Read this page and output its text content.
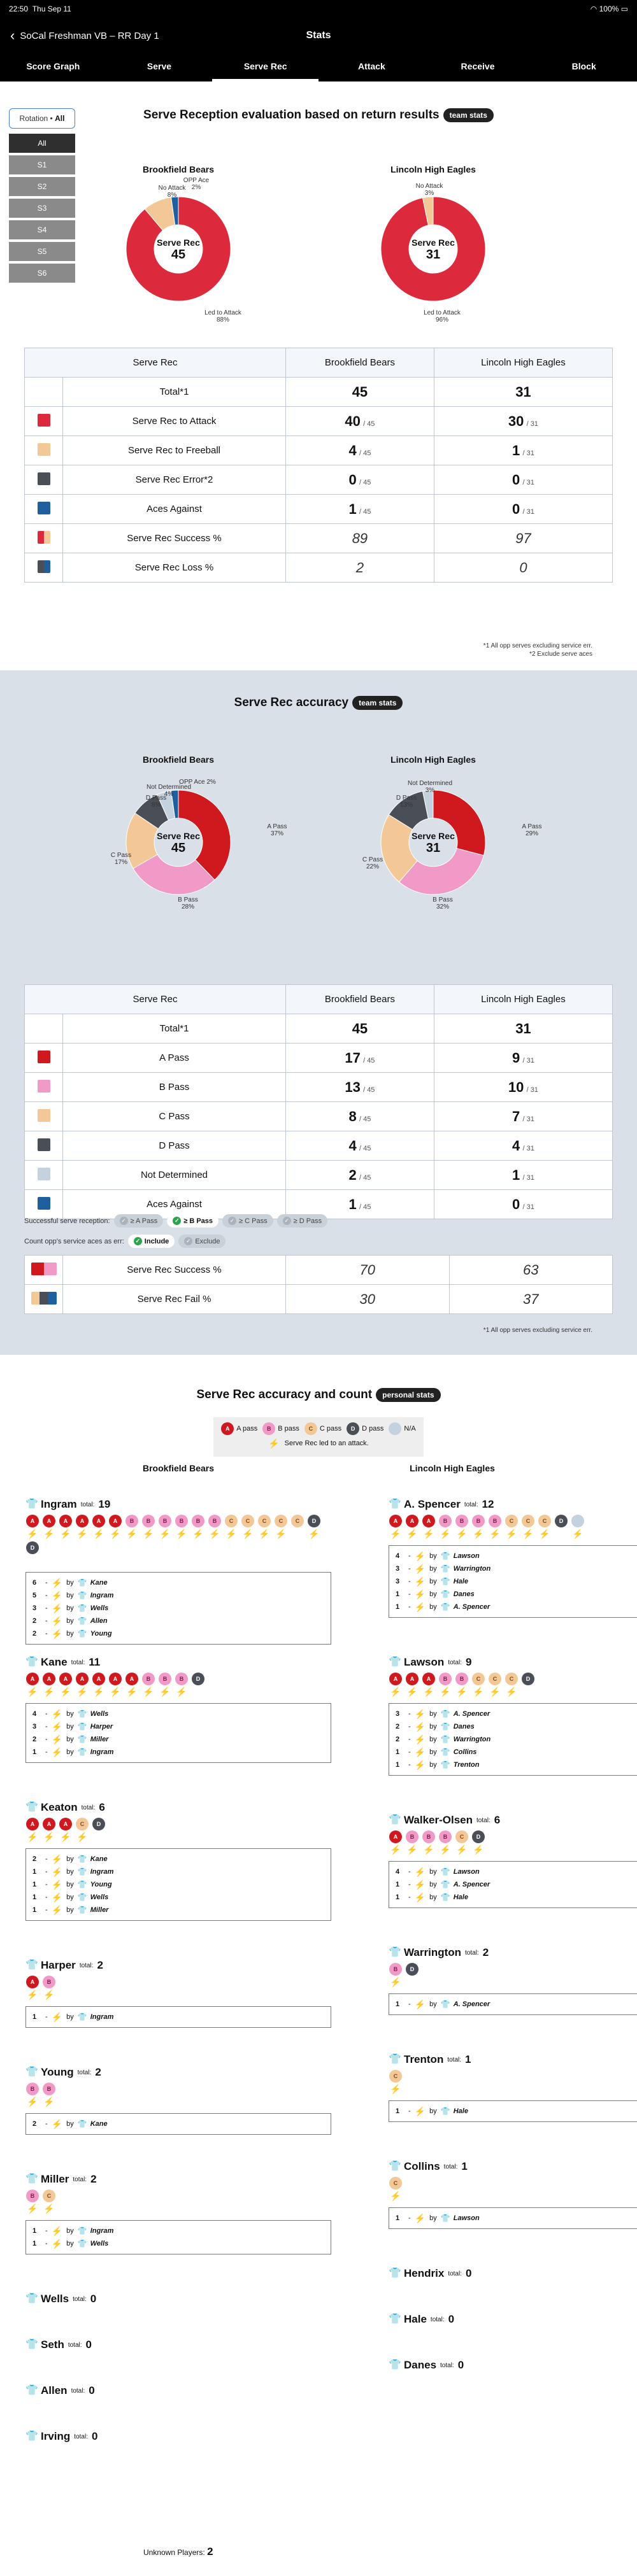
22:50
Thu Sep 11	◠
100% ▭
‹ SoCal Freshman VB – RR Day 1	Stats
Score Graph	Serve	Serve Rec	Attack	Receive	Block
Rotation • All
All
S1
S2
S3
S4
S5
S6
Serve Reception evaluation based on return results team stats
Brookfield Bears	Lincoln High Eagles
Serve Rec
45
Serve Rec
31
OPP Ace
2%
No Attack
8%
Led to Attack
88%
No Attack
3%
Led to Attack
96%
Serve Rec		Brookfield Bears	Lincoln High Eagles
	Total*1	45	31
	Serve Rec to Attack	40 / 45	30 / 31
	Serve Rec to Freeball	4 / 45	1 / 31
	Serve Rec Error*2	0 / 45	0 / 31
	Aces Against	1 / 45	0 / 31
	Serve Rec Success %	89	97
	Serve Rec Loss %	2	0
*1 All opp serves excluding service err.
*2 Exclude serve aces
Serve Rec accuracy team stats
Brookfield Bears	Lincoln High Eagles
Serve Rec
45
Serve Rec
31
A Pass
37%
B Pass
28%
C Pass
17%
D Pass
8%
Not Determined 4%
OPP Ace 2%
A Pass
29%
B Pass
32%
C Pass
22%
D Pass
13%
Not Determined
3%
Serve Rec		Brookfield Bears	Lincoln High Eagles
	Total*1	45	31
	A Pass	17 / 45	9 / 31
	B Pass	13 / 45	10 / 31
	C Pass	8 / 45	7 / 31
	D Pass	4 / 45	4 / 31
	Not Determined	2 / 45	1 / 31
	Aces Against	1 / 45	0 / 31
Successful serve reception:	✓ ≥ A Pass	✓ ≥ B Pass	✓ ≥ C Pass	✓ ≥ D Pass
Count opp's service aces as err:	✓ Include	✓ Exclude
	Serve Rec Success %	70	63
	Serve Rec Fail %	30	37
*1 All opp serves excluding service err.
Serve Rec accuracy and count personal stats
A A pass	B B pass	C C pass	D D pass	N/A
⚡ Serve Rec led to an attack.
Brookfield Bears	Lincoln High Eagles
👕 Ingram total: 19
A
⚡
A
⚡
A
⚡
A
⚡
A
⚡
A
⚡
B
⚡
B
⚡
B
⚡
B
⚡
B
⚡
B
⚡
C
⚡
C
⚡
C
⚡
C
⚡
C	D
⚡
D
6	- ⚡ by 👕 Kane
5	- ⚡ by 👕 Ingram
3	- ⚡ by 👕 Wells
2	- ⚡ by 👕 Allen
2	- ⚡ by 👕 Young
👕 Kane total: 11
A
⚡
A
⚡
A
⚡
A
⚡
A
⚡
A
⚡
A
⚡
B
⚡
B
⚡
B
⚡
D
4	- ⚡ by 👕 Wells
3	- ⚡ by 👕 Harper
2	- ⚡ by 👕 Miller
1	- ⚡ by 👕 Ingram
👕 Keaton total: 6
A
⚡
A
⚡
A
⚡
C
⚡
D
2	- ⚡ by 👕 Kane
1	- ⚡ by 👕 Ingram
1	- ⚡ by 👕 Young
1	- ⚡ by 👕 Wells
1	- ⚡ by 👕 Miller
👕 Harper total: 2
A
⚡
B
⚡
1	- ⚡ by 👕 Ingram
👕 Young total: 2
B
⚡
B
⚡
2	- ⚡ by 👕 Kane
👕 Miller total: 2
B
⚡
C
⚡
1	- ⚡ by 👕 Ingram
1	- ⚡ by 👕 Wells
👕 Wells total: 0
👕 Seth total: 0
👕 Allen total: 0
👕 Irving total: 0
👕 A. Spencer total: 12
A
⚡
A
⚡
A
⚡
B
⚡
B
⚡
B
⚡
B
⚡
C
⚡
C
⚡
C
⚡
D
⚡
4	- ⚡ by 👕 Lawson
3	- ⚡ by 👕 Warrington
3	- ⚡ by 👕 Hale
1	- ⚡ by 👕 Danes
1	- ⚡ by 👕 A. Spencer
👕 Lawson total: 9
A
⚡
A
⚡
A
⚡
B
⚡
B
⚡
C
⚡
C
⚡
C
⚡
D
3	- ⚡ by 👕 A. Spencer
2	- ⚡ by 👕 Danes
2	- ⚡ by 👕 Warrington
1	- ⚡ by 👕 Collins
1	- ⚡ by 👕 Trenton
👕 Walker-Olsen total: 6
A
⚡
B
⚡
B
⚡
B
⚡
C
⚡
D
⚡
4	- ⚡ by 👕 Lawson
1	- ⚡ by 👕 A. Spencer
1	- ⚡ by 👕 Hale
👕 Warrington total: 2
B
⚡
D
1	- ⚡ by 👕 A. Spencer
👕 Trenton total: 1
C
⚡
1	- ⚡ by 👕 Hale
👕 Collins total: 1
C
⚡
1	- ⚡ by 👕 Lawson
👕 Hendrix total: 0
👕 Hale total: 0
👕 Danes total: 0
Unknown Players: 2
